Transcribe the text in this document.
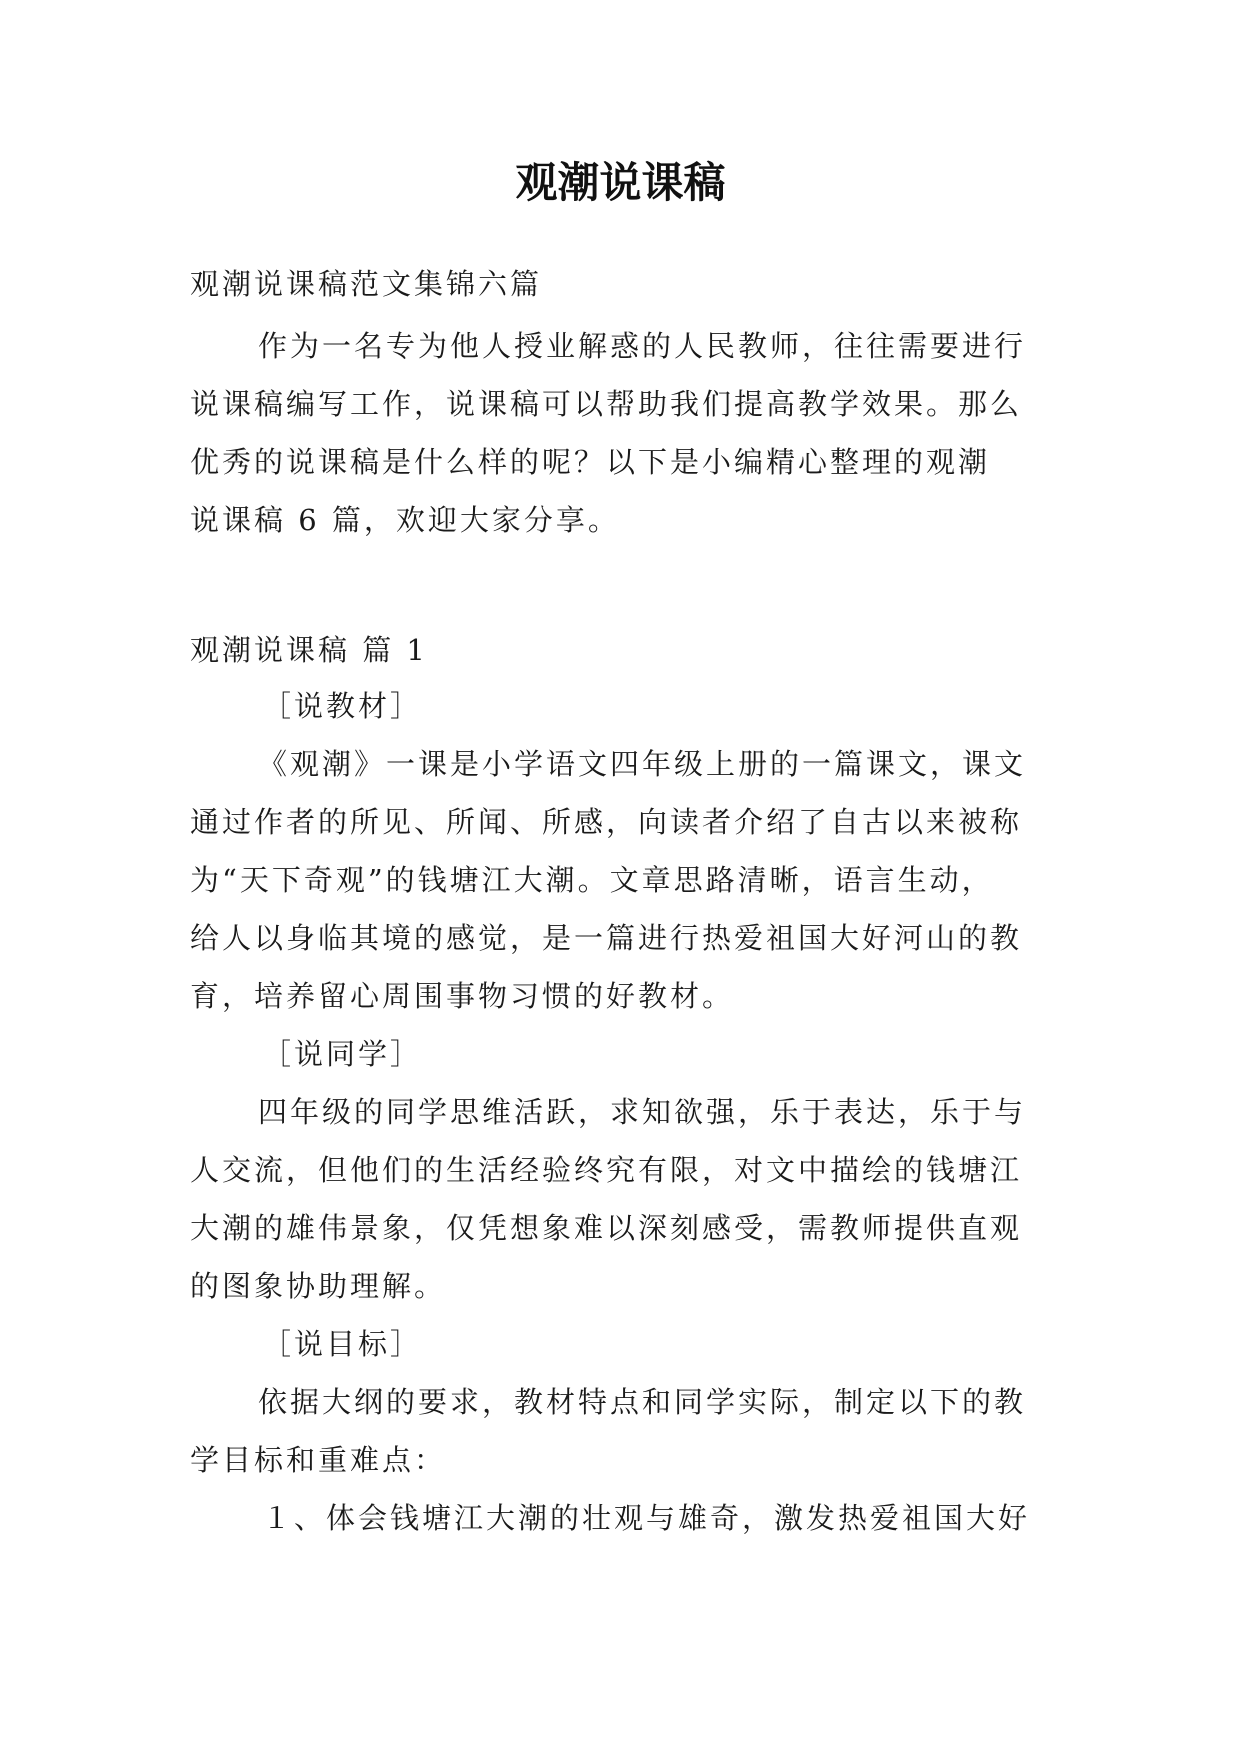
观潮说课稿
观潮说课稿范文集锦六篇
作为一名专为他人授业解惑的人民教师，往往需要进行
说课稿编写工作，说课稿可以帮助我们提高教学效果。那么
优秀的说课稿是什么样的呢？以下是小编精心整理的观潮
说课稿 6 篇，欢迎大家分享。
观潮说课稿 篇 1
［说教材］
《观潮》一课是小学语文四年级上册的一篇课文，课文
通过作者的所见、所闻、所感，向读者介绍了自古以来被称
为“天下奇观”的钱塘江大潮。文章思路清晰，语言生动，
给人以身临其境的感觉，是一篇进行热爱祖国大好河山的教
育，培养留心周围事物习惯的好教材。
［说同学］
四年级的同学思维活跃，求知欲强，乐于表达，乐于与
人交流，但他们的生活经验终究有限，对文中描绘的钱塘江
大潮的雄伟景象，仅凭想象难以深刻感受，需教师提供直观
的图象协助理解。
［说目标］
依据大纲的要求，教材特点和同学实际，制定以下的教
学目标和重难点：
１、体会钱塘江大潮的壮观与雄奇，激发热爱祖国大好
